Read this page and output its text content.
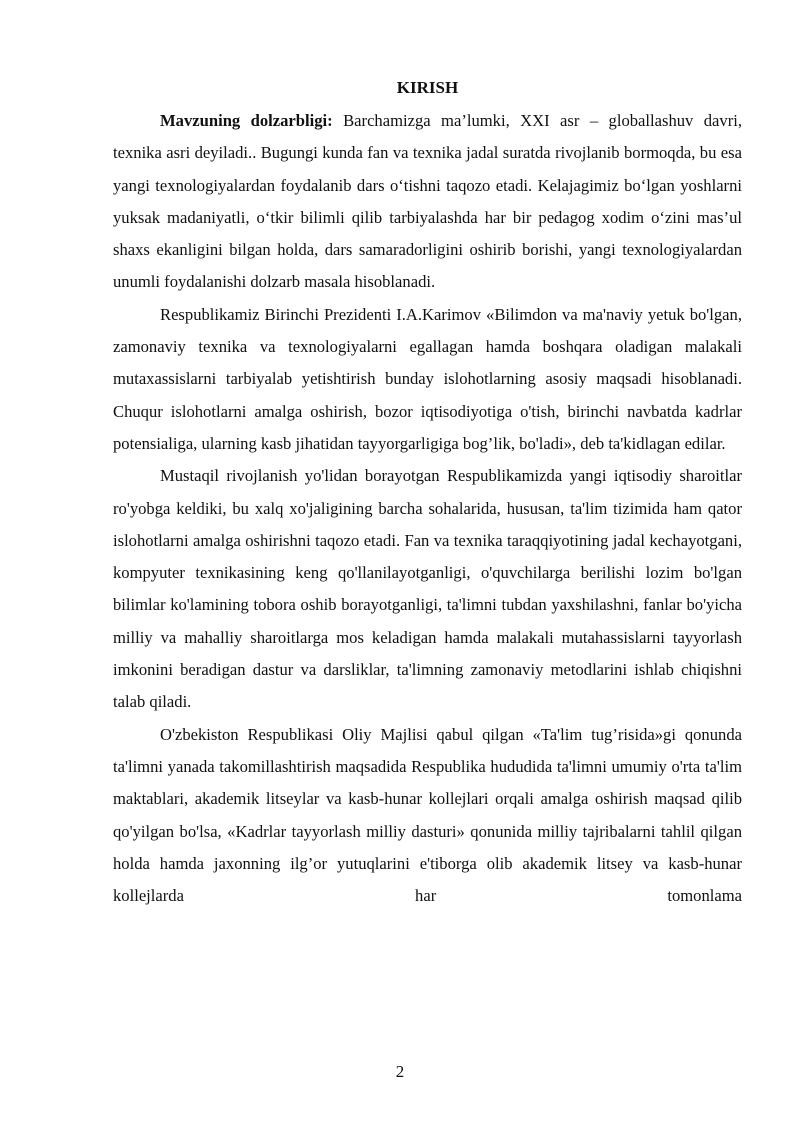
KIRISH

Mavzuning dolzarbligi: Barchamizga ma’lumki, XXI asr – globallashuv davri, texnika asri deyiladi.. Bugungi kunda fan va texnika jadal suratda rivojlanib bormoqda, bu esa yangi texnologiyalardan foydalanib dars o‘tishni taqozo etadi. Kelajagimiz bo‘lgan yoshlarni yuksak madaniyatli, o‘tkir bilimli qilib tarbiyalashda har bir pedagog xodim o‘zini mas’ul shaxs ekanligini bilgan holda, dars samaradorligini oshirib borishi, yangi texnologiyalardan unumli foydalanishi dolzarb masala hisoblanadi.

Respublikamiz Birinchi Prezidenti I.A.Karimov «Bilimdon va ma'naviy yetuk bo'lgan, zamonaviy texnika va texnologiyalarni egallagan hamda boshqara oladigan malakali mutaxassislarni tarbiyalab yetishtirish bunday islohotlarning asosiy maqsadi hisoblanadi. Chuqur islohotlarni amalga oshirish, bozor iqtisodiyotiga o'tish, birinchi navbatda kadrlar potensialiga, ularning kasb jihatidan tayyorgarligiga bog’lik, bo'ladi», deb ta'kidlagan edilar.

Mustaqil rivojlanish yo'lidan borayotgan Respublikamizda yangi iqtisodiy sharoitlar ro'yobga keldiki, bu xalq xo'jaligining barcha sohalarida, hususan, ta'lim tizimida ham qator islohotlarni amalga oshirishni taqozo etadi. Fan va texnika taraqqiyotining jadal kechayotgani, kompyuter texnikasining keng qo'llanilayotganligi, o'quvchilarga berilishi lozim bo'lgan bilimlar ko'lamining tobora oshib borayotganligi, ta'limni tubdan yaxshilashni, fanlar bo'yicha milliy va mahalliy sharoitlarga mos keladigan hamda malakali mutahassislarni tayyorlash imkonini beradigan dastur va darsliklar, ta'limning zamonaviy metodlarini ishlab chiqishni talab qiladi.

O'zbekiston Respublikasi Oliy Majlisi qabul qilgan «Ta'lim tug’risida»gi qonunda ta'limni yanada takomillashtirish maqsadida Respublika hududida ta'limni umumiy o'rta ta'lim maktablari, akademik litseylar va kasb-hunar kollejlari orqali amalga oshirish maqsad qilib qo'yilgan bo'lsa, «Kadrlar tayyorlash milliy dasturi» qonunida milliy tajribalarni tahlil qilgan holda hamda jaxonning ilg’or yutuqlarini e'tiborga olib akademik litsey va kasb-hunar kollejlarda har tomonlama

2
